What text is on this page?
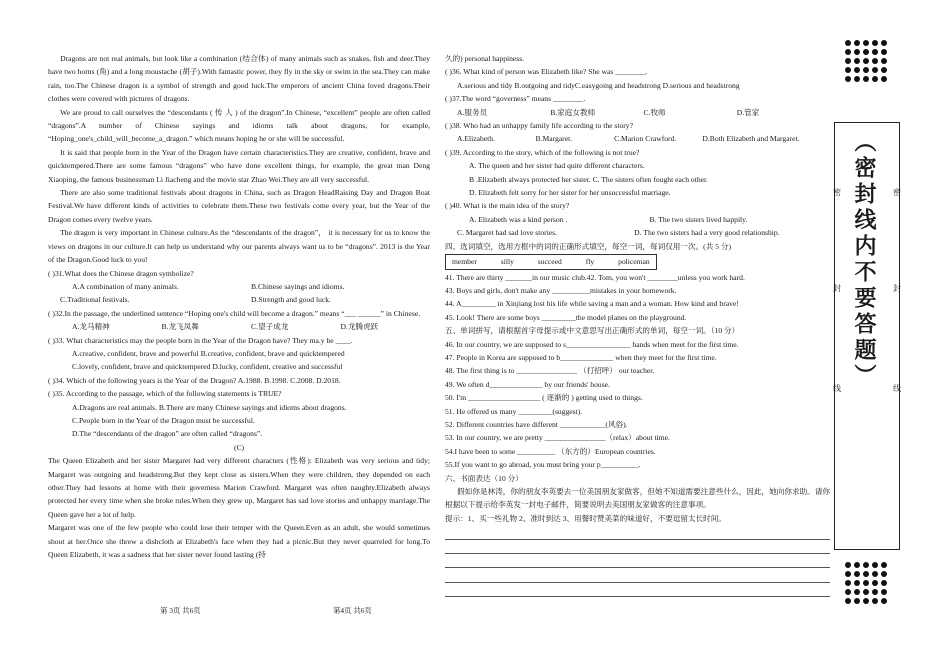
Dragons are not real animals, but look like a combination (结合体) of many animals such as snakes, fish and deer.They have two horns (角) and a long moustache (胡子).With fantastic power, they fly in the sky or swim in the sea.They can make rain, too.The Chinese dragon is a symbol of strength and good luck.The emperors of ancient China loved dragons.Their clothes were covered with pictures of dragons.

We are proud to call ourselves the “descendants ( 传 人 ) of the dragon”.In Chinese, “excellent” people are often called “dragons”.A number of Chinese sayings and idioms talk about dragons, for example, “Hoping_one's_child_will_become_a_dragon.” which means hoping he or she will be successful.

It is said that people born in the Year of the Dragon have certain characteristics.They are creative, confident, brave and quicktempered.There are some famous “dragons” who have done excellent things, for example, the great man Deng Xiaoping, the famous businessman Li Jiacheng and the movie star Zhao Wei.They are all very successful.

There are also some traditional festivals about dragons in China, such as Dragon HeadRaising Day and Dragon Boat Festival.We have different kinds of activities to celebrate them.These two festivals come every year, but the Year of the Dragon comes every twelve years.

The dragon is very important in Chinese culture.As the “descendants of the dragon”， it is necessary for us to know the views on dragons in our culture.It can help us understand why our parents always want us to be “dragons”. 2013 is the Year of the Dragon.Good luck to you!

( )31.What does the Chinese dragon symbolize?

A.A combination of many animals.	B.Chinese sayings and idioms.
C.Traditional festivals.	D.Strength and good luck.

( )32.In the passage, the underlined sentence “Hoping one's child will become a dragon.” means “___ ______” in Chinese.

A.龙马精神	B.龙飞凤舞	C.望子成龙	D.龙腾虎跃

( )33. What characteristics may the people born in the Year of the Dragon have? They ma.y be ____.

A.creative, confident, brave and powerful B.creative, confident, brave and quicktempered

C.lovely, confident, brave and quicktempered D.lucky, confident, creative and successful

( )34. Which of the following years is the Year of the Dragon? A.1988. B.1998. C.2008. D.2018.

( )35. According to the passage, which of the following statements is TRUE?

A.Dragons are real animals. B.There are many Chinese sayings and idioms about dragons.

C.People born in the Year of the Dragon must be successful.

D.The “descendants of the dragon” are often called “dragons”.

(C)

The Queen Elizabeth and her sister Margaret had very different characters (性格): Elizabeth was very serious and tidy; Margaret was outgoing and headstrong.But they kept close as sisters.When they were children, they depended on each other.They had lessons at home with their governess Marion Crawford. Margaret was often naughty.Elizabeth always protected her every time when she broke rules.When they grew up, Margaret has sad love stories and unhappy marriage.The Queen gave her a lot of help.

Margaret was one of the few people who could lose their temper with the Queen.Even as an adult, she would sometimes shout at her.Once she threw a dishcloth at Elizabeth's face when they had a picnic.But they never quarreled for long.To Queen Elizabeth, it was a sadness that her sister never found lasting (持

久的) personal happiness.

( )36. What kind of person was Elizabeth like? She was ________.

A.serious and tidy B.outgoing and tidyC.easygoing and headstrong D.serious and headstrong

( )37.The word “governess” means ________.

A.服务员	B.家庭女教师	C.牧师	D.管家

( )38. Who had an unhappy family life according to the story?

A.Elizabeth.	B.Margaret.	C.Marion Crawford.	D.Both Elizabeth and Margaret.

( )39. According to the story, which of the following is not true?

A. The queen and her sister had quite different characters.

B .Elizabeth always protected her sister. C. The sisters often fought each other.

D. Elizabeth felt sorry for her sister for her unsuccessful marriage.

( )40. What is the main idea of the story?

A. Elizabeth was a kind person .	B. The two sisters lived happily.
C. Margaret had sad love stories.	D. The two sisters had a very good relationship.

四、选词填空，选用方框中的词的正确形式填空，每空一词，每词仅用一次。(共 5 分)

member	silly	succeed	fly	policeman

41. There are thirty _______in our music club.42. Tom, you won't ________unless you work hard.

43. Boys and girls, don't make any __________mistakes in your homework.

44. A_________ in Xinjiang lost his life while saving a man and a woman. How kind and brave!

45. Look! There are some boys _________the model planes on the playground.

五、单词拼写，请根据首字母提示或中文意思写出正确形式的单词，每空一词。（10 分）

46. In our country, we are supposed to s_________________ hands when meet for the first time.

47. People in Korea are supposed to b______________ when they meet for the first time.

48. The first thing is to ________________ （打招呼） our teacher.

49. We often d______________ by our friends' house.

50. I'm ___________________ ( 逐渐的 ) getting used to things.

51. He offered us many _________(suggest).

52. Different countries have different ____________(风俗).

53. In our country, we are pretty ________________（relax）about time.

54.I have been to some __________ （东方的）European countries.

55.If you want to go abroad, you must bring your p__________.

六、书面表达（10 分）

假如你是林涛，你的朋友李英要去一位美国朋友家做客，但她不知道需要注意些什么，因此，她向你求助。请你根据以下提示给李英发一封电子邮件，简要说明去美国朋友家做客的注意事项。

提示：1、买一些礼物 2、准时到达 3、用餐时赞美菜的味道好，不要逗留太长时间。

第 3页 共6页	第4页 共6页
（密封线内不要答题）
密
封
线
密
封
线
